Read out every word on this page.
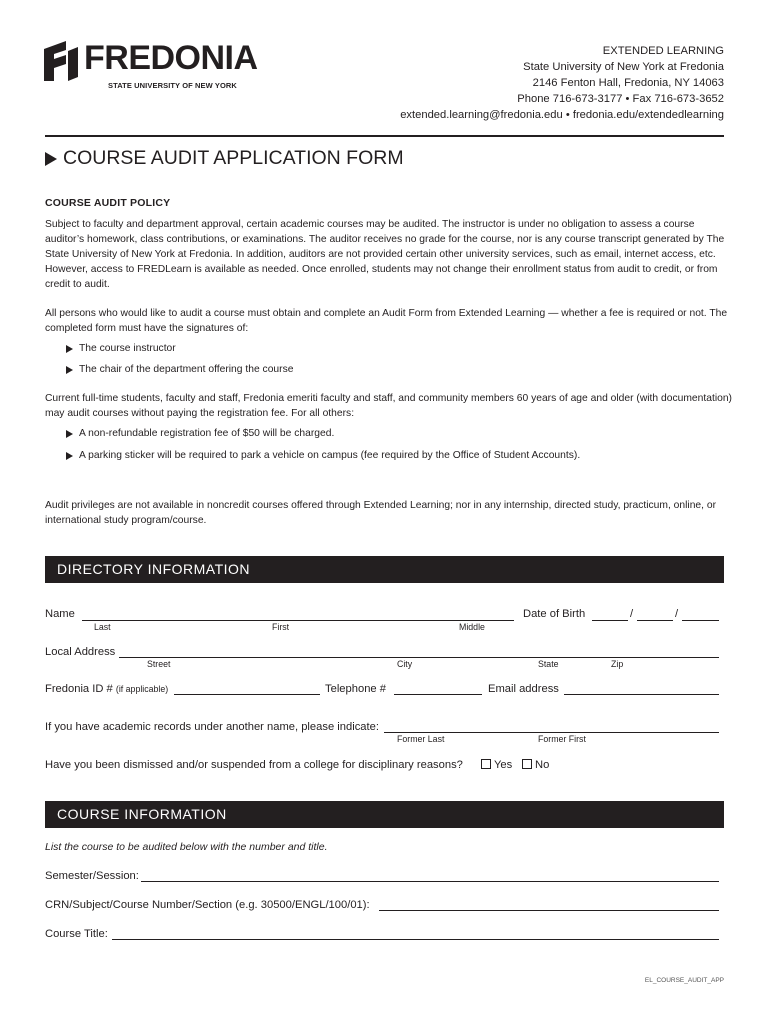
FREDONIA
STATE UNIVERSITY OF NEW YORK
EXTENDED LEARNING
State University of New York at Fredonia
2146 Fenton Hall, Fredonia, NY 14063
Phone 716-673-3177 • Fax 716-673-3652
extended.learning@fredonia.edu • fredonia.edu/extendedlearning
COURSE AUDIT APPLICATION FORM
COURSE AUDIT POLICY
Subject to faculty and department approval, certain academic courses may be audited. The instructor is under no obligation to assess a course auditor’s homework, class contributions, or examinations. The auditor receives no grade for the course, nor is any course transcript generated by The State University of New York at Fredonia. In addition, auditors are not provided certain other university services, such as email, internet access, etc. However, access to FREDLearn is available as needed. Once enrolled, students may not change their enrollment status from audit to credit, or from credit to audit.
All persons who would like to audit a course must obtain and complete an Audit Form from Extended Learning — whether a fee is required or not. The completed form must have the signatures of:
The course instructor
The chair of the department offering the course
Current full-time students, faculty and staff, Fredonia emeriti faculty and staff, and community members 60 years of age and older (with documentation) may audit courses without paying the registration fee. For all others:
A non-refundable registration fee of $50 will be charged.
A parking sticker will be required to park a vehicle on campus (fee required by the Office of Student Accounts).
Audit privileges are not available in noncredit courses offered through Extended Learning; nor in any internship, directed study, practicum, online, or international study program/course.
DIRECTORY INFORMATION
Name
Last	First	Middle
Date of Birth	/	/
Local Address
Street	City	State	Zip
Fredonia ID # (if applicable)	Telephone #	Email address
If you have academic records under another name, please indicate:
Former Last	Former First
Have you been dismissed and/or suspended from a college for disciplinary reasons?	Yes	No
COURSE INFORMATION
List the course to be audited below with the number and title.
Semester/Session:
CRN/Subject/Course Number/Section (e.g. 30500/ENGL/100/01):
Course Title:
EL_COURSE_AUDIT_APP
